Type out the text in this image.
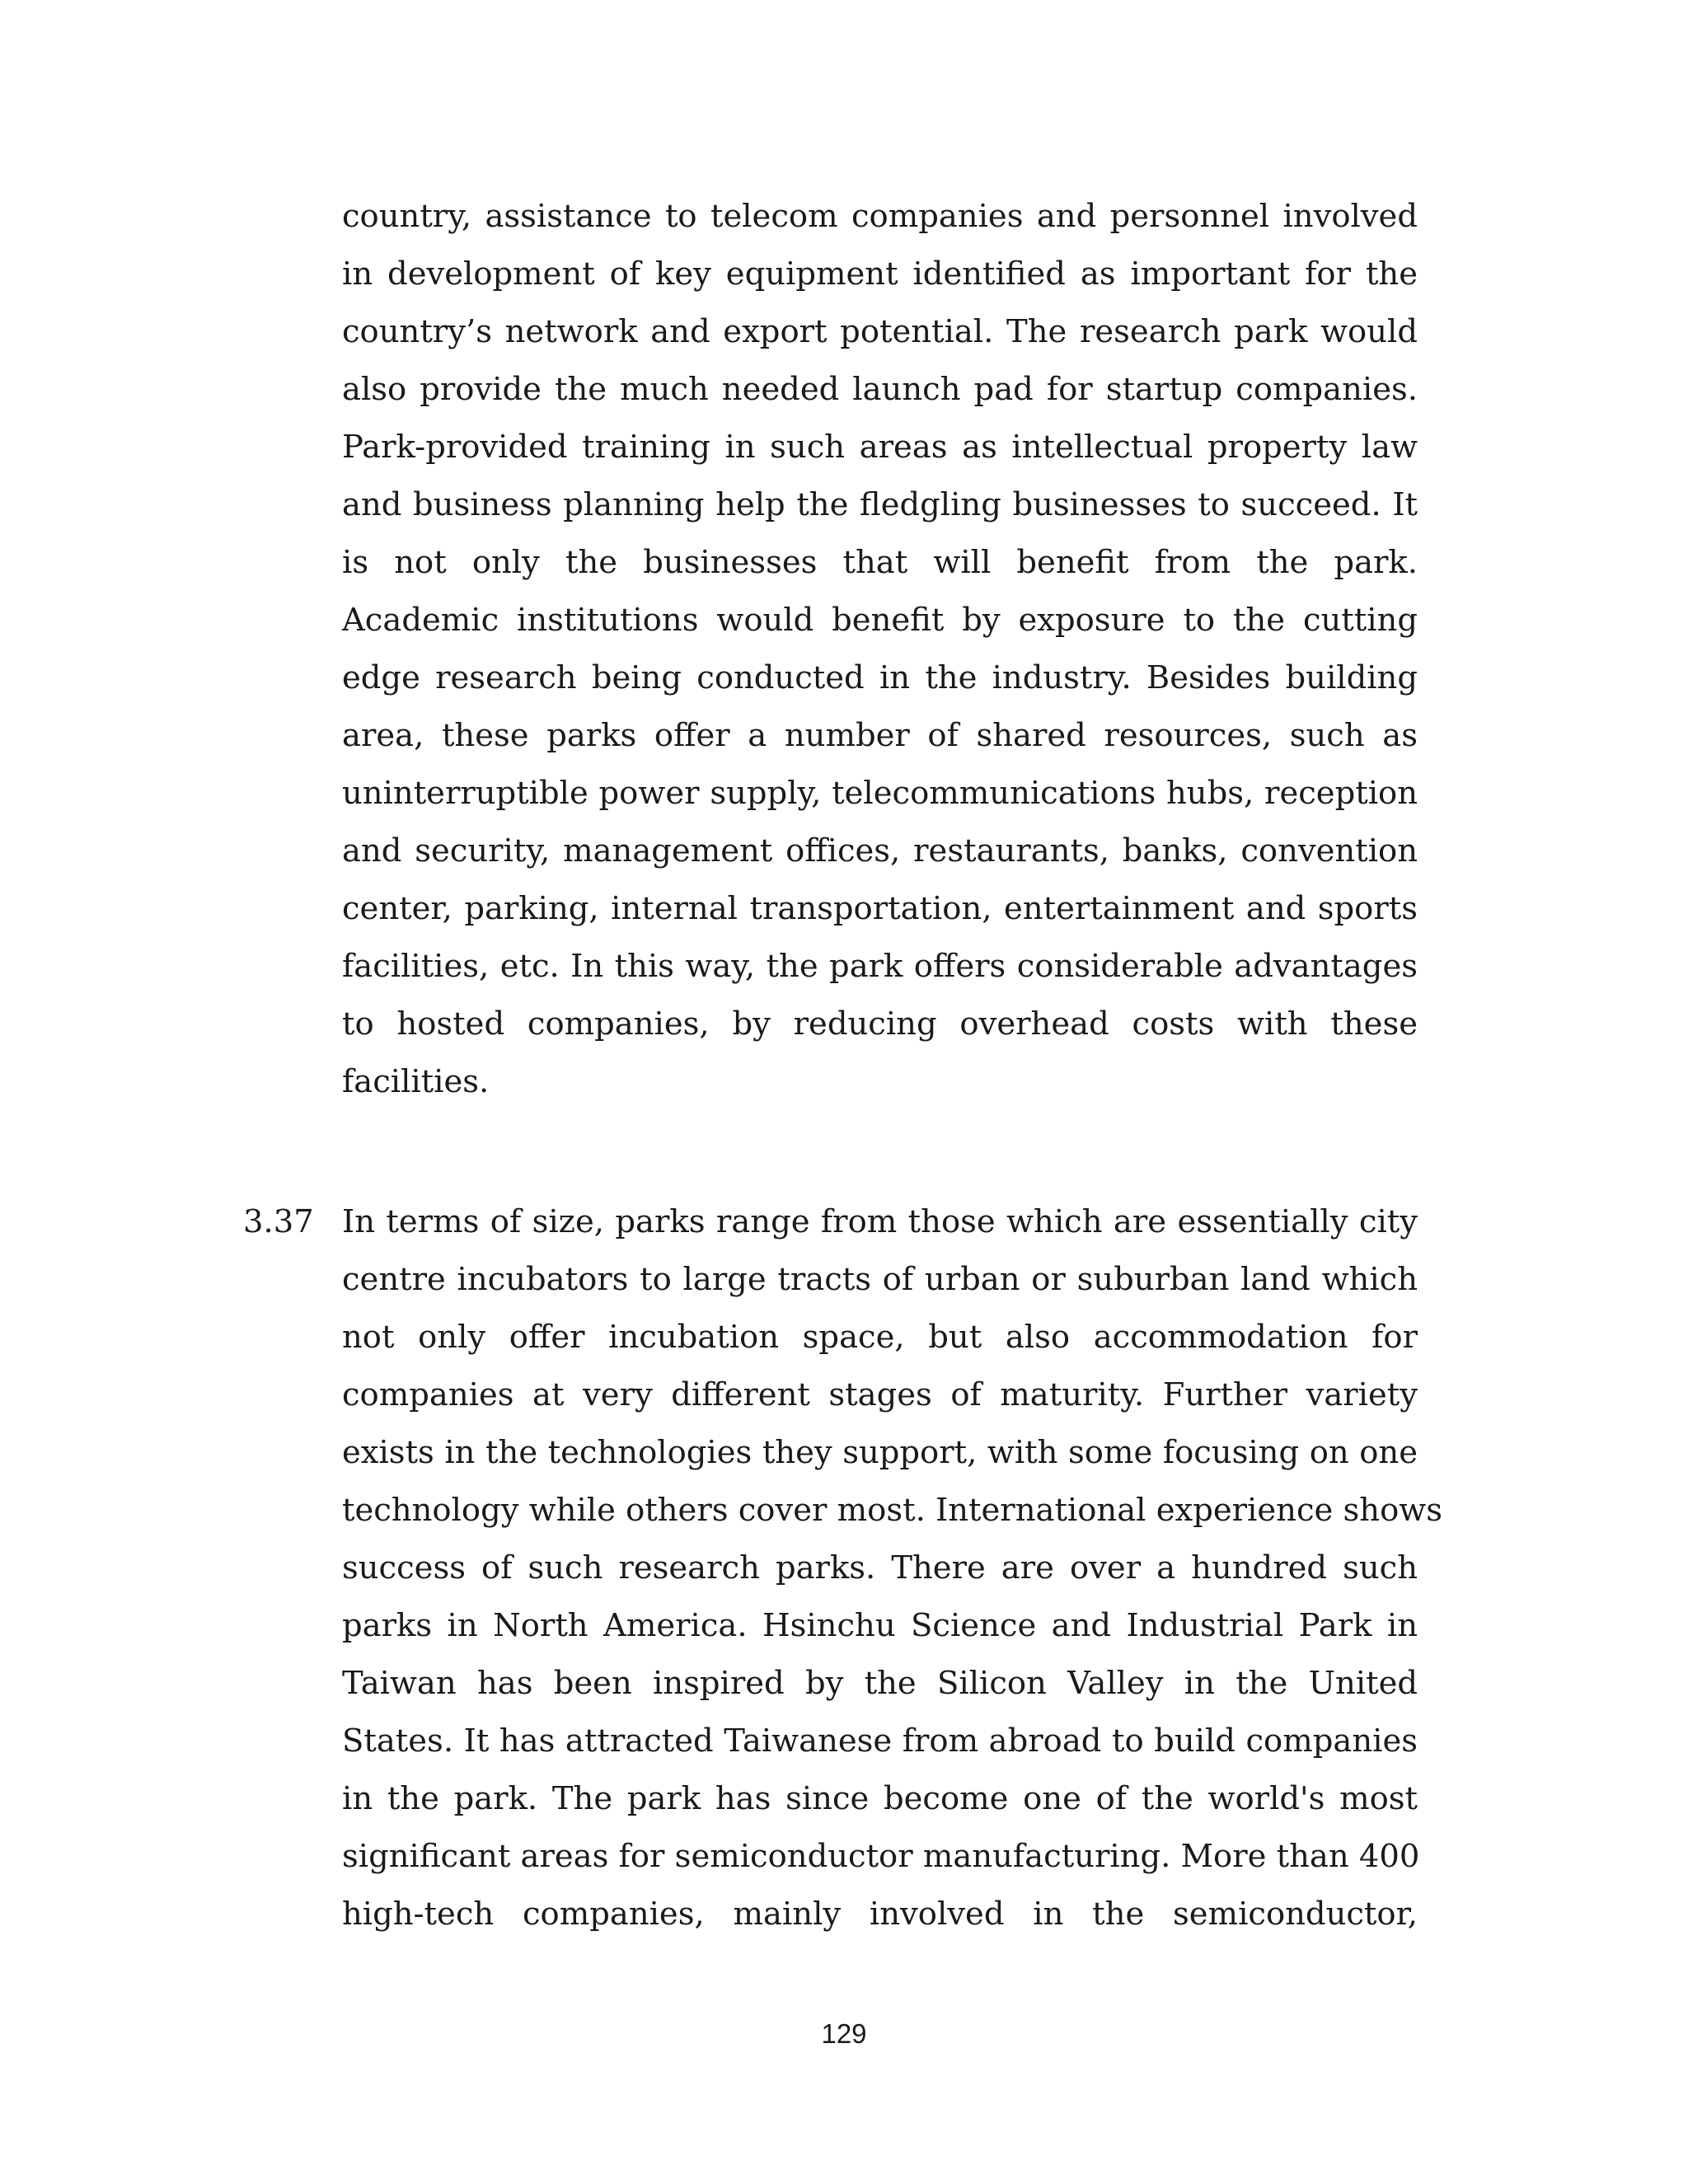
country, assistance to telecom companies and personnel involved
in development of key equipment identified as important for the
country’s network and export potential. The research park would
also provide the much needed launch pad for startup companies.
Park-provided training in such areas as intellectual property law
and business planning help the fledgling businesses to succeed. It
is not only the businesses that will benefit from the park.
Academic institutions would benefit by exposure to the cutting
edge research being conducted in the industry. Besides building
area, these parks offer a number of shared resources, such as
uninterruptible power supply, telecommunications hubs, reception
and security, management offices, restaurants, banks, convention
center, parking, internal transportation, entertainment and sports
facilities, etc. In this way, the park offers considerable advantages
to hosted companies, by reducing overhead costs with these
facilities.
3.37 In terms of size, parks range from those which are essentially city
centre incubators to large tracts of urban or suburban land which
not only offer incubation space, but also accommodation for
companies at very different stages of maturity. Further variety
exists in the technologies they support, with some focusing on one
technology while others cover most. International experience shows
success of such research parks. There are over a hundred such
parks in North America. Hsinchu Science and Industrial Park in
Taiwan has been inspired by the Silicon Valley in the United
States. It has attracted Taiwanese from abroad to build companies
in the park. The park has since become one of the world's most
significant areas for semiconductor manufacturing. More than 400
high-tech companies, mainly involved in the semiconductor,
129
